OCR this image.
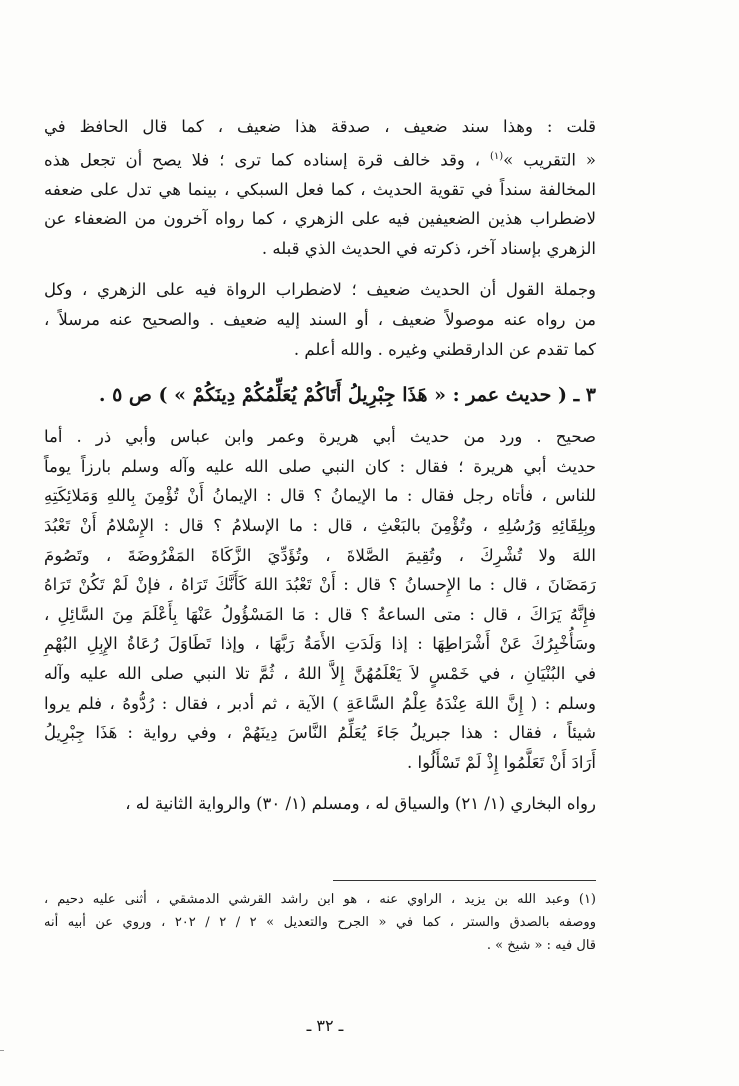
قلت : وهذا سند ضعيف ، صدقة هذا ضعيف ، كما قال الحافظ في
« التقريب »$^{(١)}$ ، وقد خالف قرة إسناده كما ترى ؛ فلا يصح أن تجعل هذه
المخالفة سنداً في تقوية الحديث ، كما فعل السبكي ، بينما هي تدل على ضعفه
لاضطراب هذين الضعيفين فيه على الزهري ، كما رواه آخرون من الضعفاء عن
الزهري بإسناد آخر، ذكرته في الحديث الذي قبله .

وجملة القول أن الحديث ضعيف ؛ لاضطراب الرواة فيه على الزهري ، وكل
من رواه عنه موصولاً ضعيف ، أو السند إليه ضعيف . والصحيح عنه مرسلاً ،
كما تقدم عن الدارقطني وغيره . والله أعلم .

٣ ـ ( حديث عمر : « هَذَا جِبْرِيلُ أَتَاكُمْ يُعَلِّمُكُمْ دِينَكُمْ » ) ص ٥ .

صحيح . ورد من حديث أبي هريرة وعمر وابن عباس وأبي ذر . أما
حديث أبي هريرة ؛ فقال : كان النبي صلى الله عليه وآله وسلم بارزاً يوماً
للناس ، فأتاه رجل فقال : ما الإيمانُ ؟ قال : الإيمانُ أَنْ تُؤْمِنَ بِاللهِ وَمَلائِكَتِهِ
وبِلِقَائِهِ وَرُسُلِهِ ، وتُؤْمِنَ بالبَعْثِ ، قال : ما الإسلامُ ؟ قال : الإِسْلامُ أَنْ تَعْبُدَ
اللهَ ولا تُشْرِكَ ، وتُقِيمَ الصَّلاةَ ، وتُؤَدِّيَ الزَّكَاةَ المَفْرُوضَةَ ، وتَصُومَ
رَمَضَانَ ، قال : ما الإِحسانُ ؟ قال : أَنْ تَعْبُدَ اللهَ كَأَنَّكَ تَرَاهُ ، فإنْ لَمْ تَكُنْ تَرَاهُ
فإِنَّهُ يَرَاكَ ، قال : متى الساعةُ ؟ قال : مَا المَسْؤُولُ عَنْهَا بِأَعْلَمَ مِنَ السَّائِلِ ،
وسَأُخْبِرُكَ عَنْ أَشْرَاطِهَا : إذا وَلَدَتِ الأَمَةُ رَبَّهَا ، وإذا تَطَاوَلَ رُعَاةُ الإِبِلِ البُهْمِ
في البُنْيَانِ ، في خَمْسٍ لاَ يَعْلَمُهُنَّ إِلاَّ اللهُ ، ثُمَّ تلا النبي صلى الله عليه وآله
وسلم : ( إِنَّ اللهَ عِنْدَهُ عِلْمُ السَّاعَةِ ) الآية ، ثم أدبر ، فقال : رُدُّوهُ ، فلم يروا
شيئاً ، فقال : هذا جبريلُ جَاءَ يُعَلِّمُ النَّاسَ دِينَهُمْ ، وفي رواية : هَذَا جِبْرِيلُ
أَرَادَ أَنْ تَعَلَّمُوا إِذْ لَمْ تَسْأَلُوا .

رواه البخاري (١/ ٢١) والسياق له ، ومسلم (١/ ٣٠) والرواية الثانية له ،

(١) وعبد الله بن يزيد ، الراوي عنه ، هو ابن راشد القرشي الدمشقي ، أثنى عليه دحيم ،
ووصفه بالصدق والستر ، كما في « الجرح والتعديل » ٢ / ٢ / ٢٠٢ ، وروي عن أبيه أنه
قال فيه : « شيخ » .
ـ ٣٢ ـ
